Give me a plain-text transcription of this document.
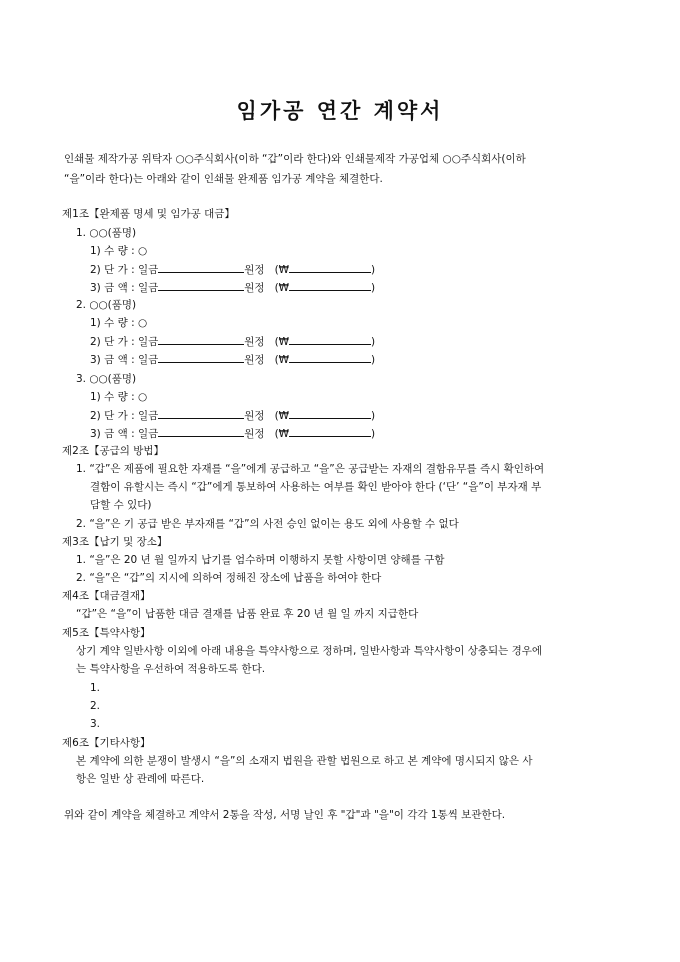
임가공 연간 계약서
인쇄물 제작가공 위탁자 ○○주식회사(이하 “갑”이라 한다)와 인쇄물제작 가공업체 ○○주식회사(이하
“을”이라 한다)는 아래와 같이 인쇄물 완제품 임가공 계약을 체결한다.
제1조【완제품 명세 및 임가공 대금】
1. ○○(품명)
1) 수 량 : ○
2) 단 가 : 일금	원정 (₩	)
3) 금 액 : 일금	원정 (₩	)
2. ○○(품명)
1) 수 량 : ○
2) 단 가 : 일금	원정 (₩	)
3) 금 액 : 일금	원정 (₩	)
3. ○○(품명)
1) 수 량 : ○
2) 단 가 : 일금	원정 (₩	)
3) 금 액 : 일금	원정 (₩	)
제2조【공급의 방법】
1. “갑”은 제품에 필요한 자재를 “을”에게 공급하고 “을”은 공급받는 자재의 결함유무를 즉시 확인하여
결함이 유할시는 즉시 “갑”에게 통보하여 사용하는 여부를 확인 받아야 한다 (‘단’ “을”이 부자재 부
담할 수 있다)
2. “을”은 기 공급 받은 부자재를 “갑”의 사전 승인 없이는 용도 외에 사용할 수 없다
제3조【납기 및 장소】
1. “을”은 20 년 월 일까지 납기를 엄수하며 이행하지 못할 사항이면 양해를 구함
2. “을”은 “갑”의 지시에 의하여 정해진 장소에 납품을 하여야 한다
제4조【대금결재】
“갑”은 “을”이 납품한 대금 결재를 납품 완료 후 20 년 월 일 까지 지급한다
제5조【특약사항】
상기 계약 일반사항 이외에 아래 내용을 특약사항으로 정하며, 일반사항과 특약사항이 상충되는 경우에
는 특약사항을 우선하여 적용하도록 한다.
1.
2.
3.
제6조【기타사항】
본 계약에 의한 분쟁이 발생시 “을”의 소재지 법원을 관할 법원으로 하고 본 계약에 명시되지 않은 사
항은 일반 상 관례에 따른다.
위와 같이 계약을 체결하고 계약서 2통을 작성, 서명 날인 후 "갑"과 "을"이 각각 1통씩 보관한다.
